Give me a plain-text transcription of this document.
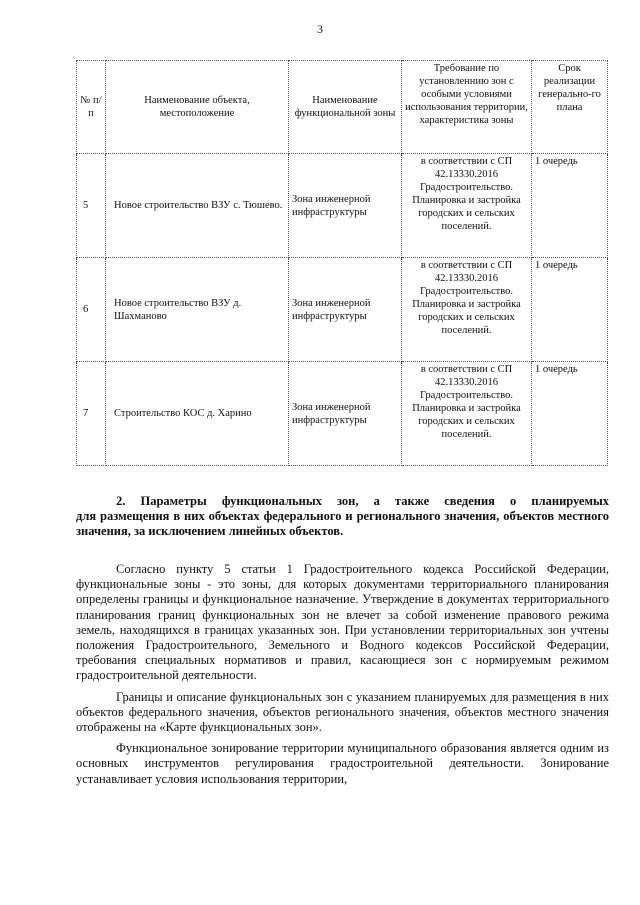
3
№ п/п	Наименование объекта, местоположение	Наименование функциональной зоны	Требование по установленнию зон с особыми условиями использования территории, характеристика зоны	Срок реализации генерально-го плана
5	Новое строительство ВЗУ с. Тюшево.	Зона инженерной инфраструктуры	в соответствии с СП 42.13330.2016 Градостроительство. Планировка и застройка городских и сельских поселений.	1 очередь
6	Новое строительство ВЗУ д. Шахманово	Зона инженерной инфраструктуры	в соответствии с СП 42.13330.2016 Градостроительство. Планировка и застройка городских и сельских поселений.	1 очередь
7	Строительство КОС д. Харино	Зона инженерной инфраструктуры	в соответствии с СП 42.13330.2016 Градостроительство. Планировка и застройка городских и сельских поселений.	1 очередь
2. Параметры функциональных зон, а также сведения о планируемых
для размещения в них объектах федерального и регионального значения, объектов местного значения, за исключением линейных объектов.

Согласно пункту 5 статьи 1 Градостроительного кодекса Российской Федерации, функциональные зоны - это зоны, для которых документами территориального планирования определены границы и функциональное назначение. Утверждение в документах территориального планирования границ функциональных зон не влечет за собой изменение правового режима земель, находящихся в границах указанных зон. При установлении территориальных зон учтены положения Градостроительного, Земельного и Водного кодексов Российской Федерации, требования специальных нормативов и правил, касающиеся зон с нормируемым режимом градостроительной деятельности.

Границы и описание функциональных зон с указанием планируемых для размещения в них объектов федерального значения, объектов регионального значения, объектов местного значения отображены на «Карте функциональных зон».

Функциональное зонирование территории муниципального образования является одним из основных инструментов регулирования градостроительной деятельности. Зонирование устанавливает условия использования территории,
